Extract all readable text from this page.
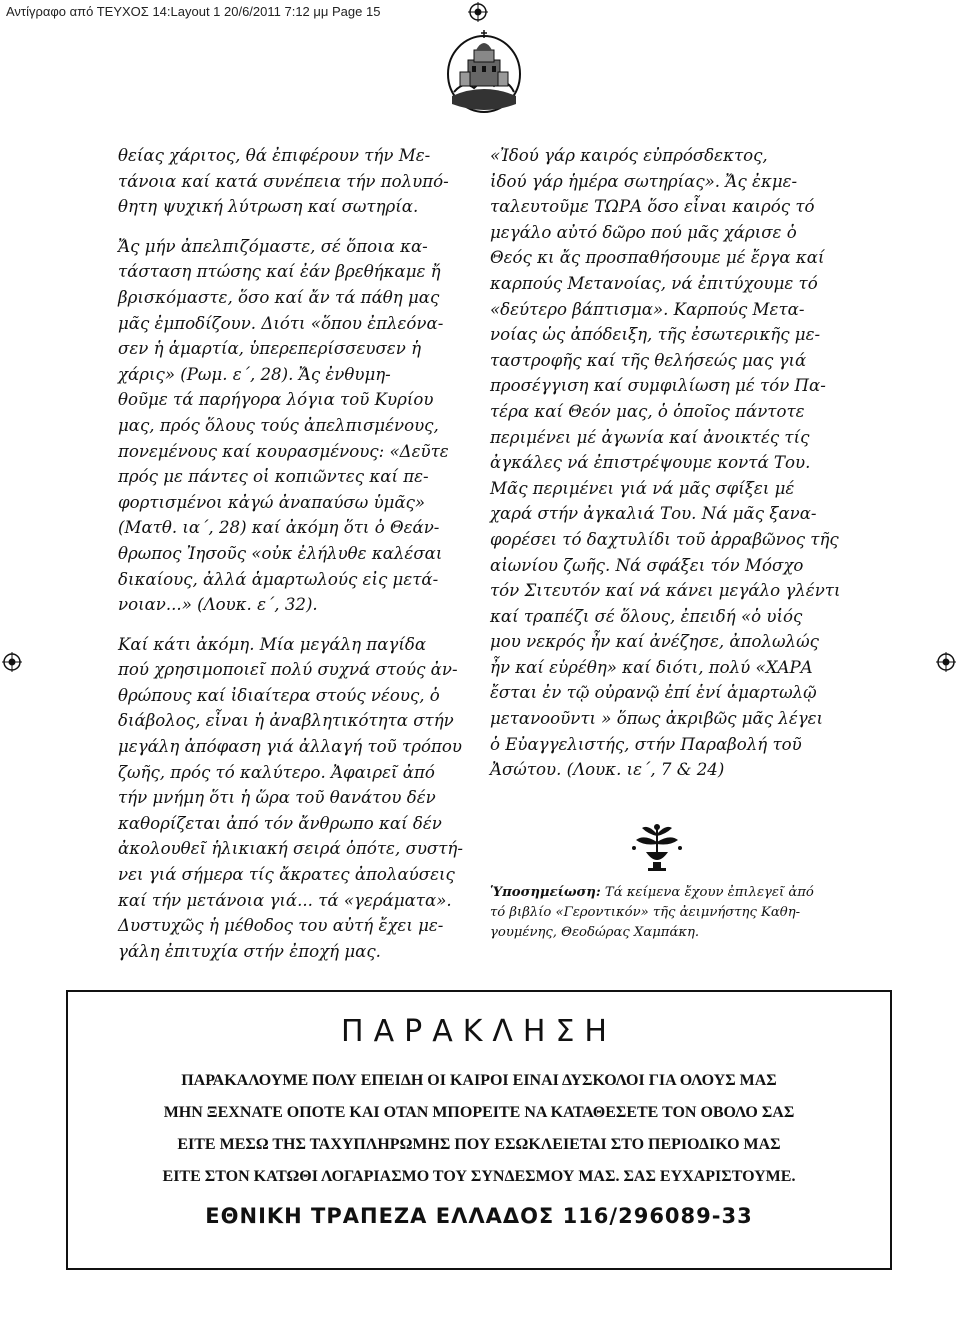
Αντίγραφο από ΤΕΥΧΟΣ 14:Layout 1 20/6/2011 7:12 μμ Page 15
θείας χάριτος, θά ἐπιφέρουν τήν Με-
τάνοια καί κατά συνέπεια τήν πολυπό-
θητη ψυχική λύτρωση καί σωτηρία.
Ἄς μήν ἀπελπιζόμαστε, σέ ὅποια κα-
τάσταση πτώσης καί ἐάν βρεθήκαμε ἤ
βρισκόμαστε, ὅσο καί ἄν τά πάθη μας
μᾶς ἐμποδίζουν. Διότι «ὅπου ἐπλεόνα-
σεν ἡ ἁμαρτία, ὑπερεπερίσσευσεν ἡ
χάρις» (Ρωμ. ε΄, 28). Ἄς ἐνθυμη-
θοῦμε τά παρήγορα λόγια τοῦ Κυρίου
μας, πρός ὅλους τούς ἀπελπισμένους,
πονεμένους καί κουρασμένους: «Δεῦτε
πρός με πάντες οἱ κοπιῶντες καί πε-
φορτισμένοι κἀγώ ἀναπαύσω ὑμᾶς»
(Ματθ. ια΄, 28) καί ἀκόμη ὅτι ὁ Θεάν-
θρωπος Ἰησοῦς «οὐκ ἐλήλυθε καλέσαι
δικαίους, ἀλλά ἁμαρτωλούς εἰς μετά-
νοιαν...» (Λουκ. ε΄, 32).
Καί κάτι ἀκόμη. Μία μεγάλη παγίδα
πού χρησιμοποιεῖ πολύ συχνά στούς ἀν-
θρώπους καί ἰδιαίτερα στούς νέους, ὁ
διάβολος, εἶναι ἡ ἀναβλητικότητα στήν
μεγάλη ἀπόφαση γιά ἀλλαγή τοῦ τρόπου
ζωῆς, πρός τό καλύτερο. Ἀφαιρεῖ ἀπό
τήν μνήμη ὅτι ἡ ὥρα τοῦ θανάτου δέν
καθορίζεται ἀπό τόν ἄνθρωπο καί δέν
ἀκολουθεῖ ἡλικιακή σειρά ὁπότε, συστή-
νει γιά σήμερα τίς ἄκρατες ἀπολαύσεις
καί τήν μετάνοια γιά... τά «γεράματα».
Δυστυχῶς ἡ μέθοδος του αὐτή ἔχει με-
γάλη ἐπιτυχία στήν ἐποχή μας.
«Ἰδού γάρ καιρός εὐπρόσδεκτος,
ἰδού γάρ ἡμέρα σωτηρίας». Ἄς ἐκμε-
ταλευτοῦμε ΤΩΡΑ ὅσο εἶναι καιρός τό
μεγάλο αὐτό δῶρο πού μᾶς χάρισε ὁ
Θεός κι ἄς προσπαθήσουμε μέ ἔργα καί
καρπούς Μετανοίας, νά ἐπιτύχουμε τό
«δεύτερο βάπτισμα». Καρπούς Μετα-
νοίας ὡς ἀπόδειξη, τῆς ἐσωτερικῆς με-
ταστροφῆς καί τῆς θελήσεώς μας γιά
προσέγγιση καί συμφιλίωση μέ τόν Πα-
τέρα καί Θεόν μας, ὁ ὁποῖος πάντοτε
περιμένει μέ ἀγωνία καί ἀνοικτές τίς
ἀγκάλες νά ἐπιστρέψουμε κοντά Του.
Μᾶς περιμένει γιά νά μᾶς σφίξει μέ
χαρά στήν ἀγκαλιά Του. Νά μᾶς ξανα-
φορέσει τό δαχτυλίδι τοῦ ἀρραβῶνος τῆς
αἰωνίου ζωῆς. Νά σφάξει τόν Μόσχο
τόν Σιτευτόν καί νά κάνει μεγάλο γλέντι
καί τραπέζι σέ ὅλους, ἐπειδή «ὁ υἱός
μου νεκρός ἦν καί ἀνέζησε, ἀπολωλώς
ἦν καί εὑρέθη» καί διότι, πολύ «ΧΑΡΑ
ἔσται ἐν τῷ οὐρανῷ ἐπί ἑνί ἁμαρτωλῷ
μετανοοῦντι » ὅπως ἀκριβῶς μᾶς λέγει
ὁ Εὐαγγελιστής, στήν Παραβολή τοῦ
Ἀσώτου. (Λουκ. ιε΄, 7 & 24)
Ὑποσημείωση: Τά κείμενα ἔχουν ἐπιλεγεῖ ἀπό
τό βιβλίο «Γεροντικόν» τῆς ἀειμνήστης Καθη-
γουμένης, Θεοδώρας Χαμπάκη.
ΠΑΡΑΚΛΗΣΗ
ΠΑΡΑΚΑΛΟΥΜΕ ΠΟΛΥ ΕΠΕΙΔΗ ΟΙ ΚΑΙΡΟΙ ΕΙΝΑΙ ΔΥΣΚΟΛΟΙ ΓΙΑ ΟΛΟΥΣ ΜΑΣ
ΜΗΝ ΞΕΧΝΑΤΕ ΟΠΟΤΕ ΚΑΙ ΟΤΑΝ ΜΠΟΡΕΙΤΕ ΝΑ ΚΑΤΑΘΕΣΕΤΕ ΤΟΝ ΟΒΟΛΟ ΣΑΣ
ΕΙΤΕ ΜΕΣΩ ΤΗΣ ΤΑΧΥΠΛΗΡΩΜΗΣ ΠΟΥ ΕΣΩΚΛΕΙΕΤΑΙ ΣΤΟ ΠΕΡΙΟΔΙΚΟ ΜΑΣ
ΕΙΤΕ ΣΤΟΝ ΚΑΤΩΘΙ ΛΟΓΑΡΙΑΣΜΟ ΤΟΥ ΣΥΝΔΕΣΜΟΥ ΜΑΣ. ΣΑΣ ΕΥΧΑΡΙΣΤΟΥΜΕ.
ΕΘΝΙΚΗ ΤΡΑΠΕΖΑ ΕΛΛΑΔΟΣ 116/296089-33
